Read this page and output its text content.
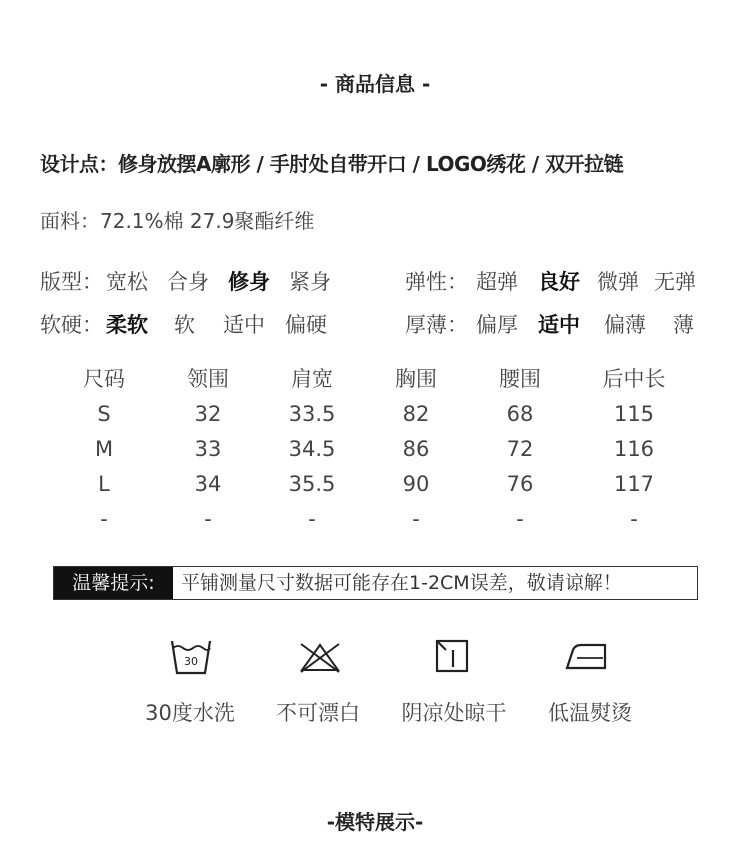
- 商品信息 -
设计点：修身放摆A廓形 / 手肘处自带开口 / LOGO绣花 / 双开拉链
面料：72.1%棉 27.9聚酯纤维
版型： 宽松 合身 修身 紧身	弹性： 超弹 良好 微弹 无弹
软硬： 柔软 软 适中 偏硬	厚薄： 偏厚 适中 偏薄 薄
尺码	领围	肩宽	胸围	腰围	后中长
S	32	33.5	82	68	115
M	33	34.5	86	72	116
L	34	35.5	90	76	117
-	-	-	-	-	-
温馨提示:	平铺测量尺寸数据可能存在1-2CM误差，敬请谅解！
30
30度水洗	不可漂白	阴凉处晾干	低温熨烫
-模特展示-
